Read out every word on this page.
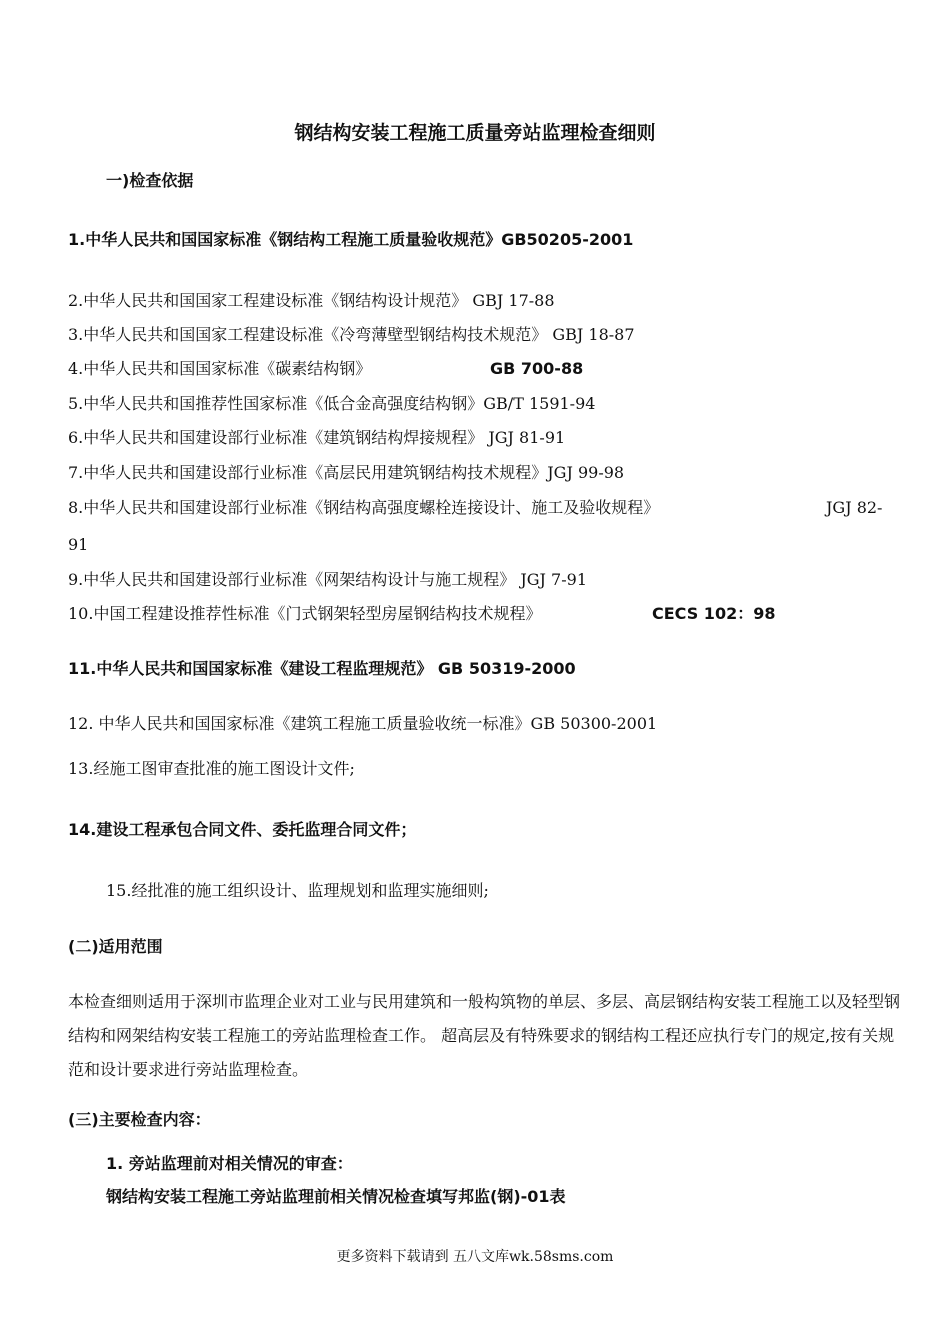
钢结构安装工程施工质量旁站监理检查细则
一)检查依据
1.中华人民共和国国家标准《钢结构工程施工质量验收规范》GB50205-2001
2.中华人民共和国国家工程建设标准《钢结构设计规范》 GBJ 17-88
3.中华人民共和国国家工程建设标准《冷弯薄壁型钢结构技术规范》 GBJ 18-87
4.中华人民共和国国家标准《碳素结构钢》	GB 700-88
5.中华人民共和国推荐性国家标准《低合金高强度结构钢》GB/T 1591-94
6.中华人民共和国建设部行业标准《建筑钢结构焊接规程》 JGJ 81-91
7.中华人民共和国建设部行业标准《高层民用建筑钢结构技术规程》JGJ 99-98
8.中华人民共和国建设部行业标准《钢结构高强度螺栓连接设计、施工及验收规程》	JGJ 82-
91
9.中华人民共和国建设部行业标准《网架结构设计与施工规程》 JGJ 7-91
10.中国工程建设推荐性标准《门式钢架轻型房屋钢结构技术规程》	CECS 102：98
11.中华人民共和国国家标准《建设工程监理规范》 GB 50319-2000
12. 中华人民共和国国家标准《建筑工程施工质量验收统一标准》GB 50300-2001
13.经施工图审查批准的施工图设计文件;
14.建设工程承包合同文件、委托监理合同文件；
15.经批准的施工组织设计、监理规划和监理实施细则;
(二)适用范围
本检查细则适用于深圳市监理企业对工业与民用建筑和一般构筑物的单层、多层、高层钢结构安装工程施工以及轻型钢结构和网架结构安装工程施工的旁站监理检查工作。 超高层及有特殊要求的钢结构工程还应执行专门的规定,按有关规范和设计要求进行旁站监理检查。
(三)主要检查内容：
1. 旁站监理前对相关情况的审查：
钢结构安装工程施工旁站监理前相关情况检查填写邦监(钢)-01表
更多资料下载请到 五八文库wk.58sms.com
